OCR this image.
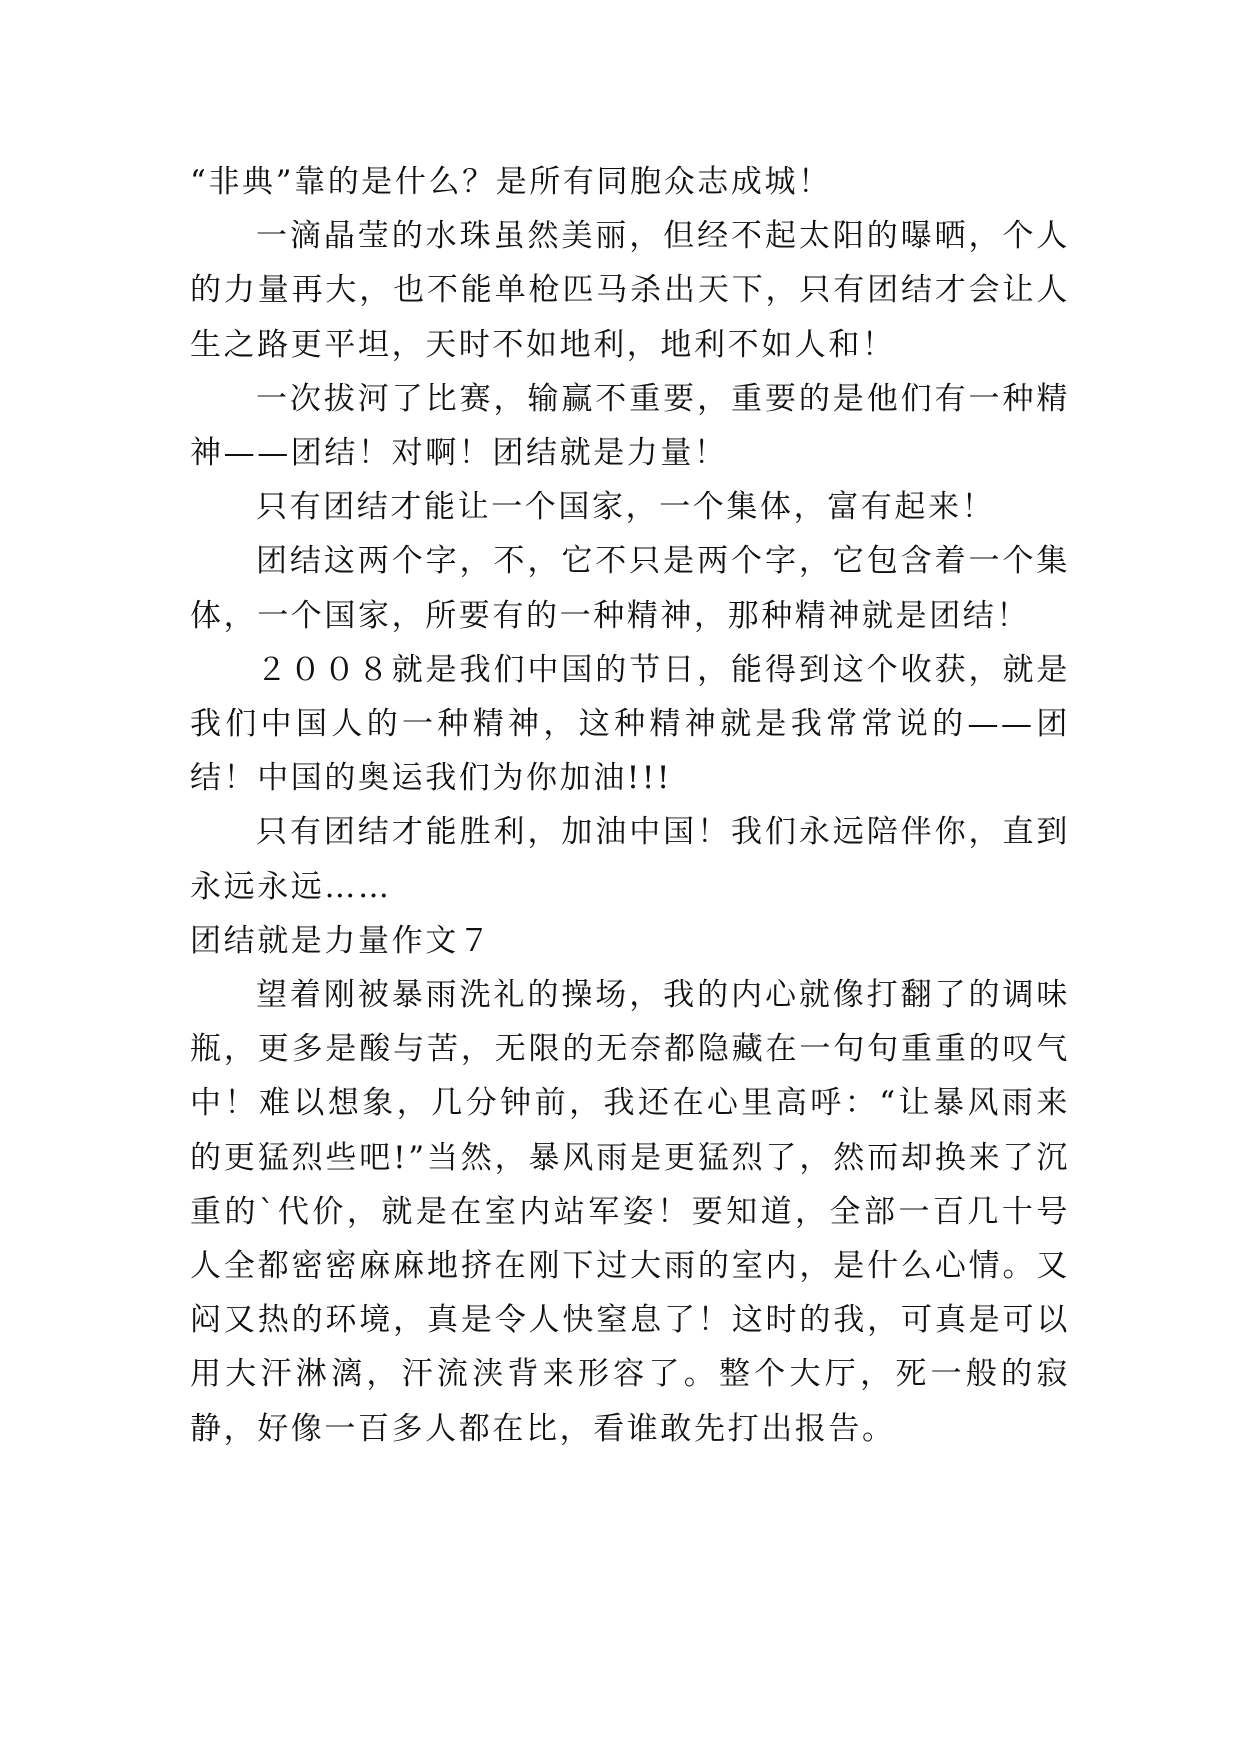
“非典”靠的是什么？是所有同胞众志成城！

一滴晶莹的水珠虽然美丽，但经不起太阳的曝晒，个人的力量再大，也不能单枪匹马杀出天下，只有团结才会让人生之路更平坦，天时不如地利，地利不如人和！

一次拔河了比赛，输赢不重要，重要的是他们有一种精神——团结！对啊！团结就是力量！

只有团结才能让一个国家，一个集体，富有起来！

团结这两个字，不，它不只是两个字，它包含着一个集体，一个国家，所要有的一种精神，那种精神就是团结！

２００８就是我们中国的节日，能得到这个收获，就是我们中国人的一种精神，这种精神就是我常常说的——团结！中国的奥运我们为你加油!!!

只有团结才能胜利，加油中国！我们永远陪伴你，直到永远永远……

团结就是力量作文７

望着刚被暴雨洗礼的操场，我的内心就像打翻了的调味瓶，更多是酸与苦，无限的无奈都隐藏在一句句重重的叹气中！难以想象，几分钟前，我还在心里高呼：“让暴风雨来的更猛烈些吧!”当然，暴风雨是更猛烈了，然而却换来了沉重的`代价，就是在室内站军姿！要知道，全部一百几十号人全都密密麻麻地挤在刚下过大雨的室内，是什么心情。又闷又热的环境，真是令人快窒息了！这时的我，可真是可以用大汗淋漓，汗流浃背来形容了。整个大厅，死一般的寂静，好像一百多人都在比，看谁敢先打出报告。
